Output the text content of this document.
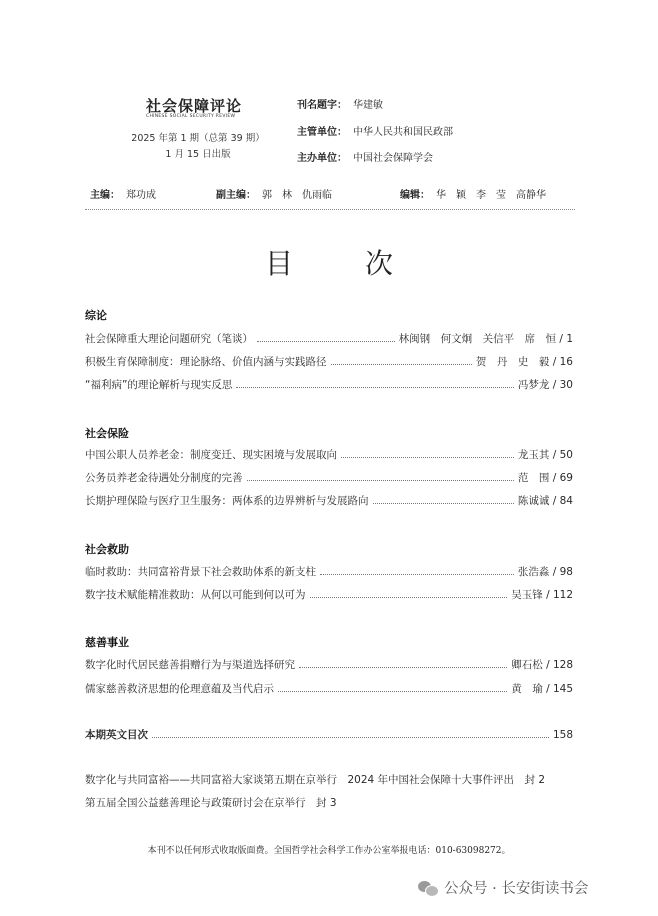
社会保障评论
CHINESE SOCIAL SECURITY REVIEW
2025 年第 1 期（总第 39 期）
1 月 15 日出版
刊名题字： 华建敏
主管单位： 中华人民共和国民政部
主办单位： 中国社会保障学会
主编： 郑功成	副主编： 郭　林　仇雨临	编辑： 华　颖　李　莹　高静华
目　次
综论
社会保障重大理论问题研究（笔谈）	林闽钢　何文炯　关信平　席　恒 / 1
积极生育保障制度：理论脉络、价值内涵与实践路径	贺　丹　史　毅 / 16
“福利病”的理论解析与现实反思	冯梦龙 / 30
社会保险
中国公职人员养老金：制度变迁、现实困境与发展取向	龙玉其 / 50
公务员养老金待遇处分制度的完善	范　围 / 69
长期护理保险与医疗卫生服务：两体系的边界辨析与发展路向	陈诚诚 / 84
社会救助
临时救助：共同富裕背景下社会救助体系的新支柱	张浩淼 / 98
数字技术赋能精准救助：从何以可能到何以可为	吴玉锋 / 112
慈善事业
数字化时代居民慈善捐赠行为与渠道选择研究	卿石松 / 128
儒家慈善救济思想的伦理意蕴及当代启示	黄　瑜 / 145
本期英文目次	158
数字化与共同富裕——共同富裕大家谈第五期在京举行　2024 年中国社会保障十大事件评出　封 2
第五届全国公益慈善理论与政策研讨会在京举行　封 3
本刊不以任何形式收取版面费。全国哲学社会科学工作办公室举报电话：010-63098272。
公众号 · 长安街读书会
